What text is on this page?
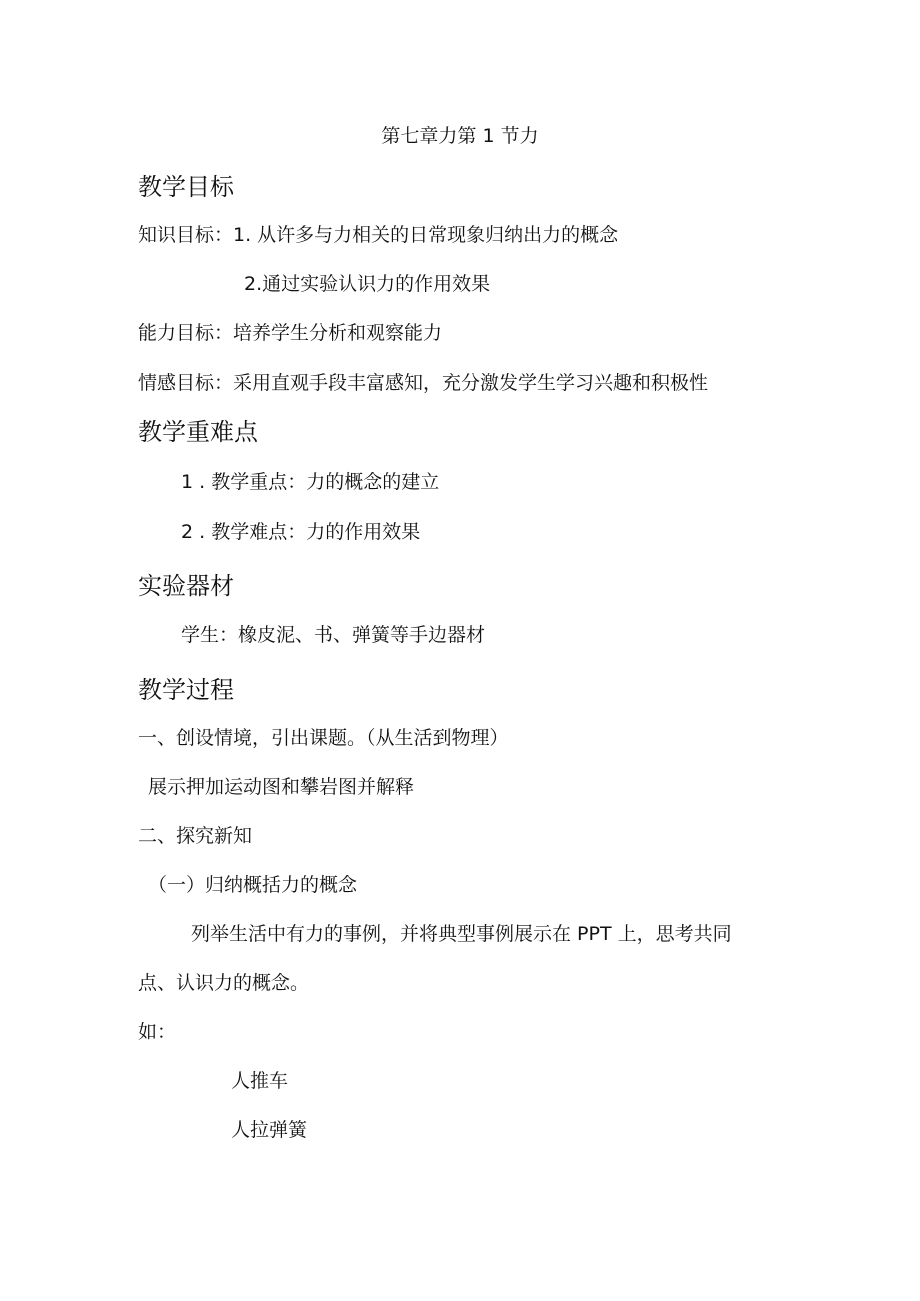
第七章力第 1 节力
教学目标
知识目标：1. 从许多与力相关的日常现象归纳出力的概念
2.通过实验认识力的作用效果
能力目标：培养学生分析和观察能力
情感目标：采用直观手段丰富感知，充分激发学生学习兴趣和积极性
教学重难点
1 . 教学重点：力的概念的建立
2 . 教学难点：力的作用效果
实验器材
学生：橡皮泥、书、弹簧等手边器材
教学过程
一、创设情境，引出课题。（从生活到物理）
展示押加运动图和攀岩图并解释
二、探究新知
（一）归纳概括力的概念
列举生活中有力的事例，并将典型事例展示在 PPT 上，思考共同
点、认识力的概念。
如：
人推车
人拉弹簧
